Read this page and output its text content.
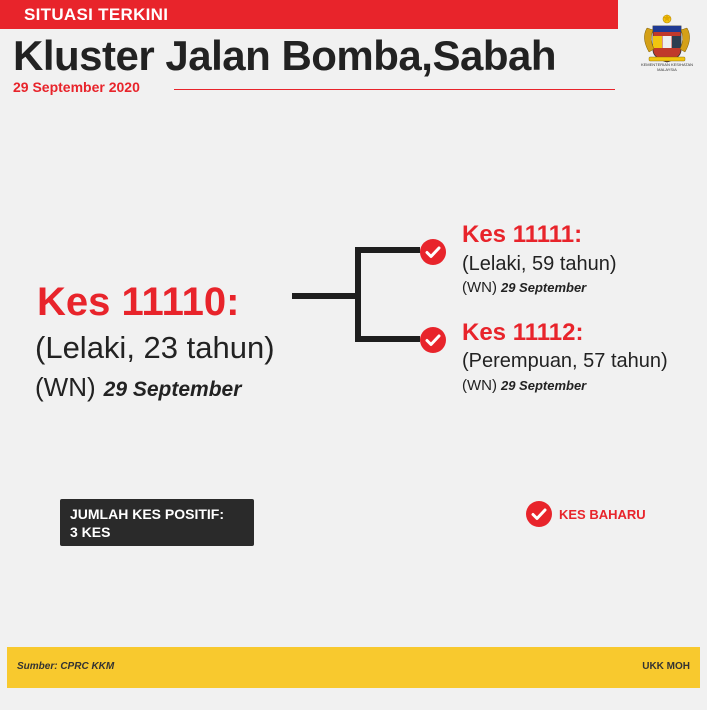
SITUASI TERKINI
Kluster Jalan Bomba,Sabah
29 September 2020
KEMENTERIAN KESIHATAN
MALAYSIA
Kes 11110:
(Lelaki, 23 tahun)
(WN) 29 September
Kes 11111:
(Lelaki, 59 tahun)
(WN) 29 September
Kes 11112:
(Perempuan, 57 tahun)
(WN) 29 September
JUMLAH KES POSITIF:
3 KES
KES BAHARU
Sumber: CPRC KKM	UKK MOH
